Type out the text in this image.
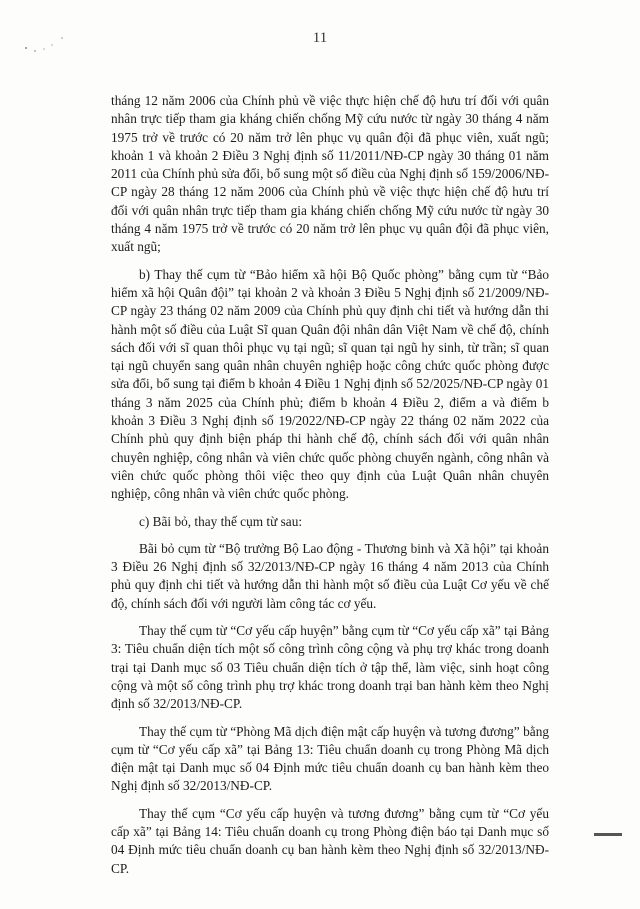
11

tháng 12 năm 2006 của Chính phủ về việc thực hiện chế độ hưu trí đối với quân nhân trực tiếp tham gia kháng chiến chống Mỹ cứu nước từ ngày 30 tháng 4 năm 1975 trở về trước có 20 năm trở lên phục vụ quân đội đã phục viên, xuất ngũ; khoản 1 và khoản 2 Điều 3 Nghị định số 11/2011/NĐ-CP ngày 30 tháng 01 năm 2011 của Chính phủ sửa đổi, bổ sung một số điều của Nghị định số 159/2006/NĐ-CP ngày 28 tháng 12 năm 2006 của Chính phủ về việc thực hiện chế độ hưu trí đối với quân nhân trực tiếp tham gia kháng chiến chống Mỹ cứu nước từ ngày 30 tháng 4 năm 1975 trở về trước có 20 năm trở lên phục vụ quân đội đã phục viên, xuất ngũ;

b) Thay thế cụm từ “Bảo hiểm xã hội Bộ Quốc phòng” bằng cụm từ “Bảo hiểm xã hội Quân đội” tại khoản 2 và khoản 3 Điều 5 Nghị định số 21/2009/NĐ-CP ngày 23 tháng 02 năm 2009 của Chính phủ quy định chi tiết và hướng dẫn thi hành một số điều của Luật Sĩ quan Quân đội nhân dân Việt Nam về chế độ, chính sách đối với sĩ quan thôi phục vụ tại ngũ; sĩ quan tại ngũ hy sinh, từ trần; sĩ quan tại ngũ chuyển sang quân nhân chuyên nghiệp hoặc công chức quốc phòng được sửa đổi, bổ sung tại điểm b khoản 4 Điều 1 Nghị định số 52/2025/NĐ-CP ngày 01 tháng 3 năm 2025 của Chính phủ; điểm b khoản 4 Điều 2, điểm a và điểm b khoản 3 Điều 3 Nghị định số 19/2022/NĐ-CP ngày 22 tháng 02 năm 2022 của Chính phủ quy định biện pháp thi hành chế độ, chính sách đối với quân nhân chuyên nghiệp, công nhân và viên chức quốc phòng chuyển ngành, công nhân và viên chức quốc phòng thôi việc theo quy định của Luật Quân nhân chuyên nghiệp, công nhân và viên chức quốc phòng.

c) Bãi bỏ, thay thế cụm từ sau:

Bãi bỏ cụm từ “Bộ trưởng Bộ Lao động - Thương binh và Xã hội” tại khoản 3 Điều 26 Nghị định số 32/2013/NĐ-CP ngày 16 tháng 4 năm 2013 của Chính phủ quy định chi tiết và hướng dẫn thi hành một số điều của Luật Cơ yếu về chế độ, chính sách đối với người làm công tác cơ yếu.

Thay thế cụm từ “Cơ yếu cấp huyện” bằng cụm từ “Cơ yếu cấp xã” tại Bảng 3: Tiêu chuẩn diện tích một số công trình công cộng và phụ trợ khác trong doanh trại tại Danh mục số 03 Tiêu chuẩn diện tích ở tập thể, làm việc, sinh hoạt công cộng và một số công trình phụ trợ khác trong doanh trại ban hành kèm theo Nghị định số 32/2013/NĐ-CP.

Thay thế cụm từ “Phòng Mã dịch điện mật cấp huyện và tương đương” bằng cụm từ “Cơ yếu cấp xã” tại Bảng 13: Tiêu chuẩn doanh cụ trong Phòng Mã dịch điện mật tại Danh mục số 04 Định mức tiêu chuẩn doanh cụ ban hành kèm theo Nghị định số 32/2013/NĐ-CP.

Thay thế cụm “Cơ yếu cấp huyện và tương đương” bằng cụm từ “Cơ yếu cấp xã” tại Bảng 14: Tiêu chuẩn doanh cụ trong Phòng điện báo tại Danh mục số 04 Định mức tiêu chuẩn doanh cụ ban hành kèm theo Nghị định số 32/2013/NĐ-CP.
